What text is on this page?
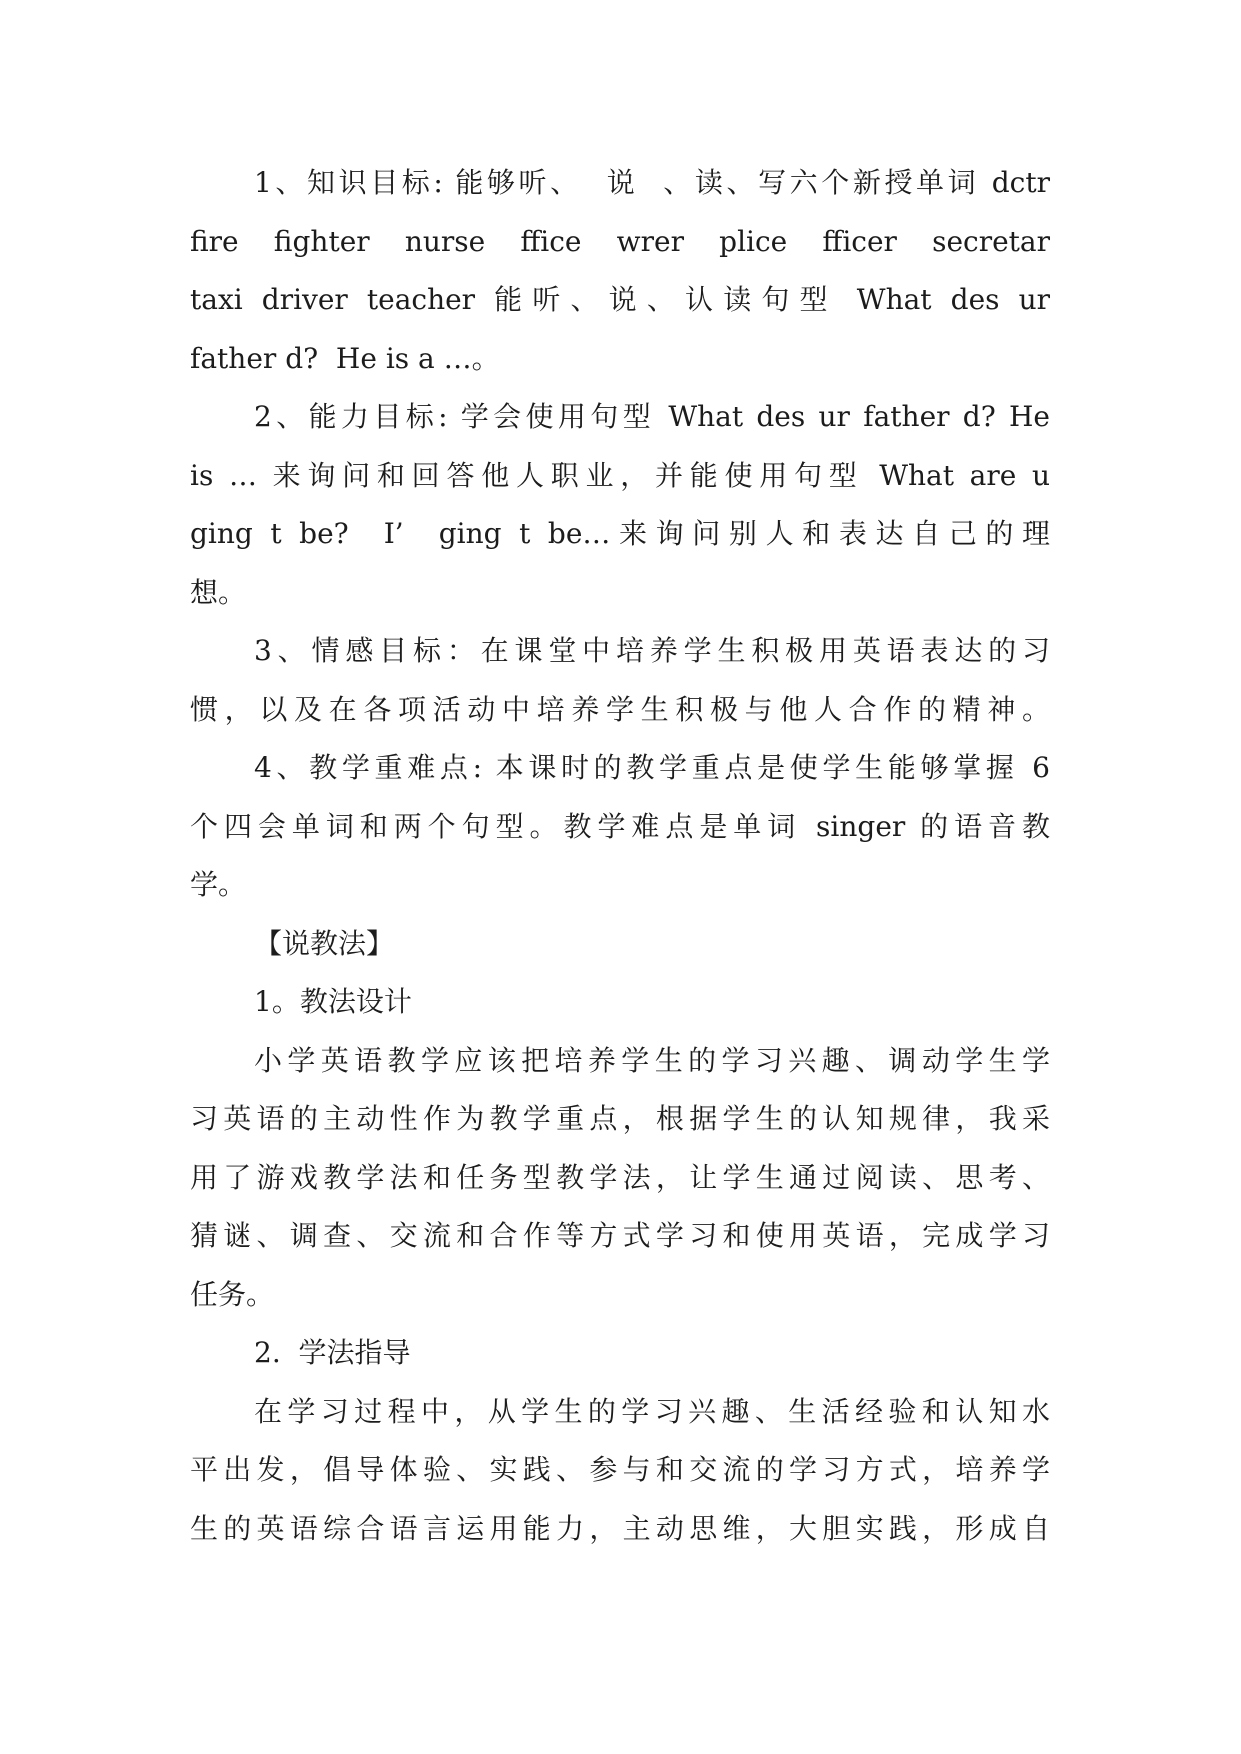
1、知识目标: 能够听、  说  、读、写六个新授单词 dctr
fire fighter nurse ffice wrer plice fficer secretar
taxi driver teacher 能听、说、认读句型 What des ur
father d?  He is a …。
2、能力目标: 学会使用句型 What des ur father d? He
is … 来询问和回答他人职业，并能使用句型 What are u
ging t be?  I’  ging t be…来询问别人和表达自己的理
想。
3、情感目标：在课堂中培养学生积极用英语表达的习
惯，以及在各项活动中培养学生积极与他人合作的精神。
4、教学重难点: 本课时的教学重点是使学生能够掌握 6
个四会单词和两个句型。教学难点是单词 singer 的语音教
学。
【说教法】
1。教法设计
小学英语教学应该把培养学生的学习兴趣、调动学生学
习英语的主动性作为教学重点，根据学生的认知规律，我采
用了游戏教学法和任务型教学法，让学生通过阅读、思考、
猜谜、调查、交流和合作等方式学习和使用英语，完成学习
任务。
2.  学法指导
在学习过程中，从学生的学习兴趣、生活经验和认知水
平出发，倡导体验、实践、参与和交流的学习方式，培养学
生的英语综合语言运用能力，主动思维，大胆实践，形成自
